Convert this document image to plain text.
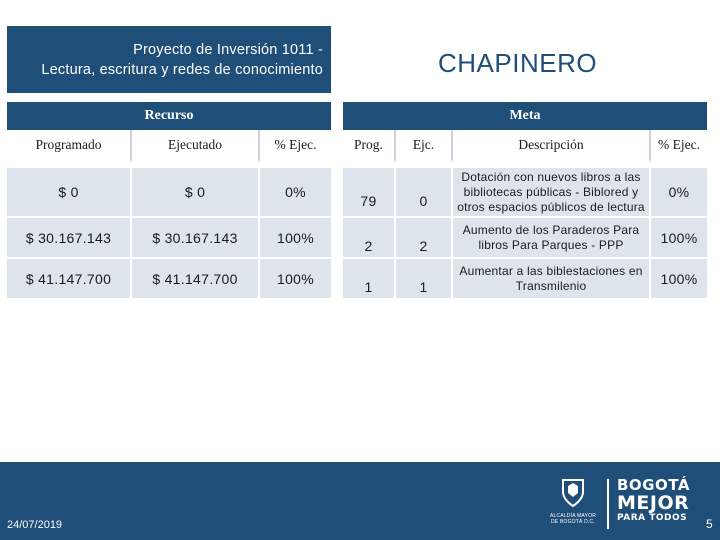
Proyecto de Inversión 1011 -
Lectura, escritura y redes de conocimiento	CHAPINERO
Recurso	Meta
Programado	Ejecutado	% Ejec.

$ 0	$ 0	0%
$ 30.167.143	$ 30.167.143	100%
$ 41.147.700	$ 41.147.700	100%
Prog.	Ejc.	Descripción	% Ejec.

79	0	Dotación con nuevos libros a las bibliotecas públicas - Biblored y otros espacios públicos de lectura	0%
2	2	Aumento de los Paraderos Para libros Para Parques - PPP	100%
1	1	Aumentar a las biblestaciones en Transmilenio	100%
24/07/2019
ALCALDÍA MAYOR
DE BOGOTÁ D.C.
BOGOTÁ
MEJOR
PARA TODOS 5
